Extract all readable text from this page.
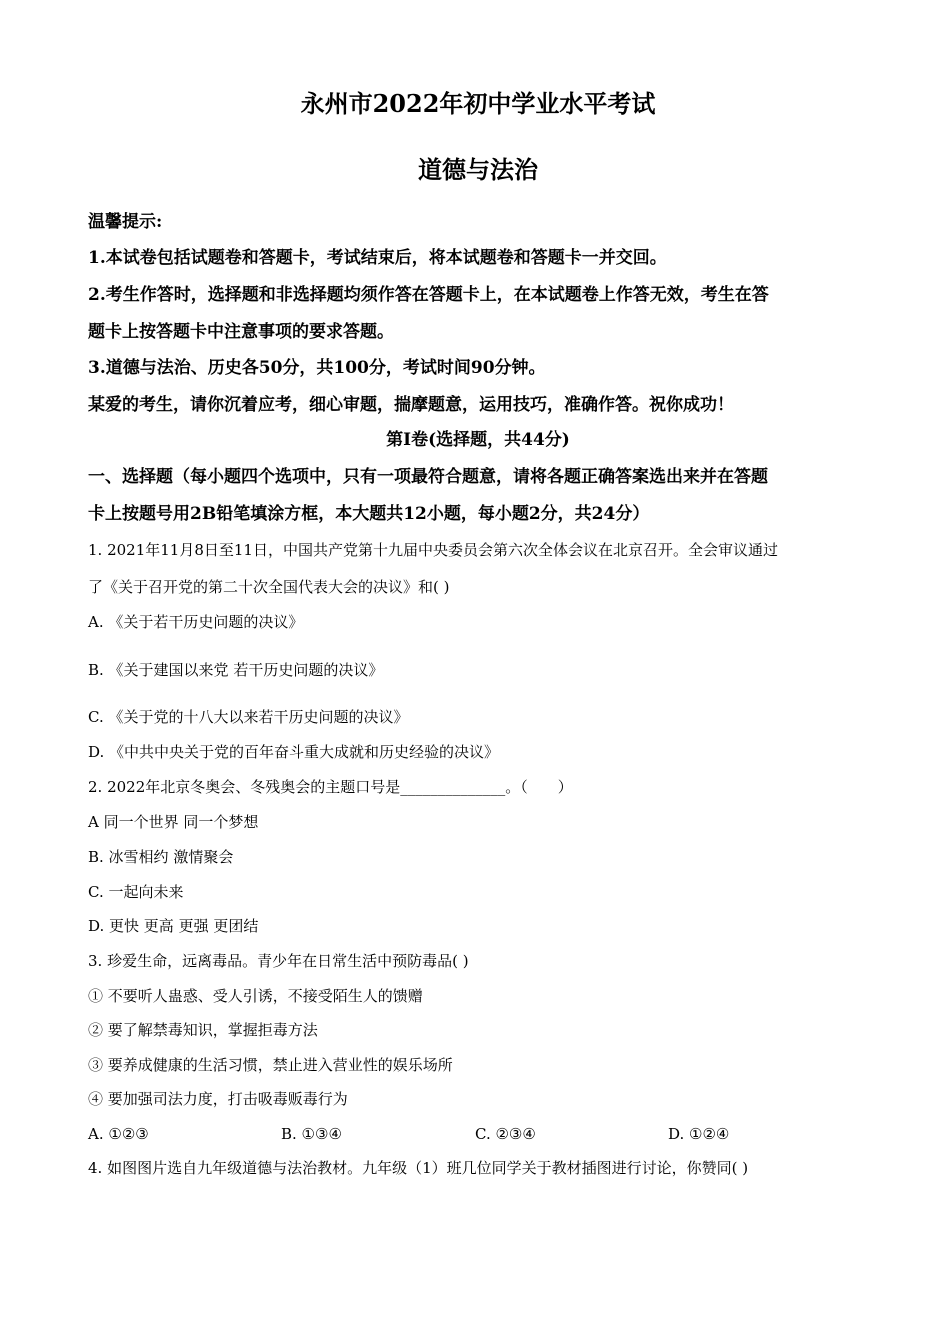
永州市2022年初中学业水平考试
道德与法治
温馨提示:
1.本试卷包括试题卷和答题卡，考试结束后，将本试题卷和答题卡一并交回。
2.考生作答时，选择题和非选择题均须作答在答题卡上，在本试题卷上作答无效，考生在答
题卡上按答题卡中注意事项的要求答题。
3.道德与法治、历史各50分，共100分，考试时间90分钟。
某爱的考生，请你沉着应考，细心审题，揣摩题意，运用技巧，准确作答。祝你成功！
第Ⅰ卷(选择题，共44分)
一、选择题（每小题四个选项中，只有一项最符合题意，请将各题正确答案选出来并在答题
卡上按题号用2B铅笔填涂方框，本大题共12小题，每小题2分，共24分）
1. 2021年11月8日至11日，中国共产党第十九届中央委员会第六次全体会议在北京召开。全会审议通过
了《关于召开党的第二十次全国代表大会的决议》和( )
A. 《关于若干历史问题的决议》
B. 《关于建国以来党 若干历史问题的决议》
C. 《关于党的十八大以来若干历史问题的决议》
D. 《中共中央关于党的百年奋斗重大成就和历史经验的决议》
2. 2022年北京冬奥会、冬残奥会的主题口号是______________。（　　）
A 同一个世界 同一个梦想
B. 冰雪相约 激情聚会
C. 一起向未来
D. 更快 更高 更强 更团结
3. 珍爱生命，远离毒品。青少年在日常生活中预防毒品( )
① 不要听人蛊惑、受人引诱，不接受陌生人的馈赠
② 要了解禁毒知识，掌握拒毒方法
③ 要养成健康的生活习惯，禁止进入营业性的娱乐场所
④ 要加强司法力度，打击吸毒贩毒行为
A. ①②③	B. ①③④	C. ②③④	D. ①②④
4. 如图图片选自九年级道德与法治教材。九年级（1）班几位同学关于教材插图进行讨论，你赞同( )
